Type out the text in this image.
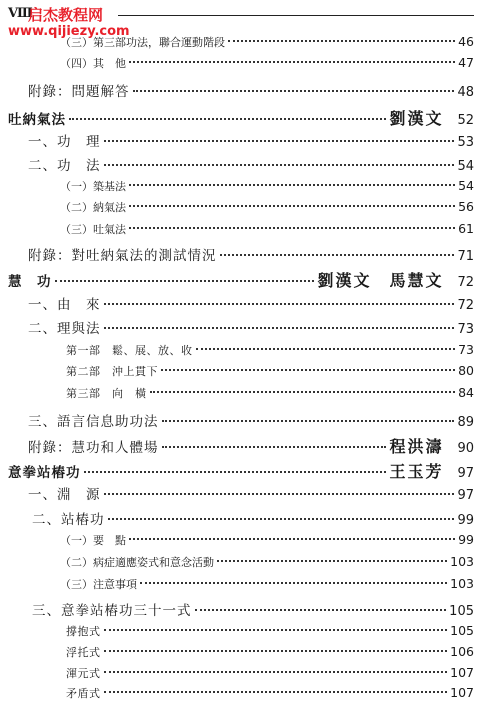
Ⅷ
启杰教程网
www.qijiezy.com
（三）第三部功法，聯合運動階段	46
（四）其　他	47
附錄：問題解答	48
吐納氣法	劉漢文 52
一、功　理	53
二、功　法	54
（一）築基法	54
（二）納氣法	56
（三）吐氣法	61
附錄：對吐納氣法的測試情況	71
慧　功	劉漢文　馬慧文 72
一、由　來	72
二、理與法	73
第一部　鬆、展、放、收	73
第二部　沖上貫下	80
第三部　向　橫	84
三、語言信息助功法	89
附錄：慧功和人體場	程洪濤 90
意拳站樁功	王玉芳 97
一、淵　源	97
二、站樁功	99
（一）要　點	99
（二）病症適應姿式和意念活動	103
（三）注意事項	103
三、意拳站樁功三十一式	105
撐抱式	105
浮托式	106
渾元式	107
矛盾式	107
